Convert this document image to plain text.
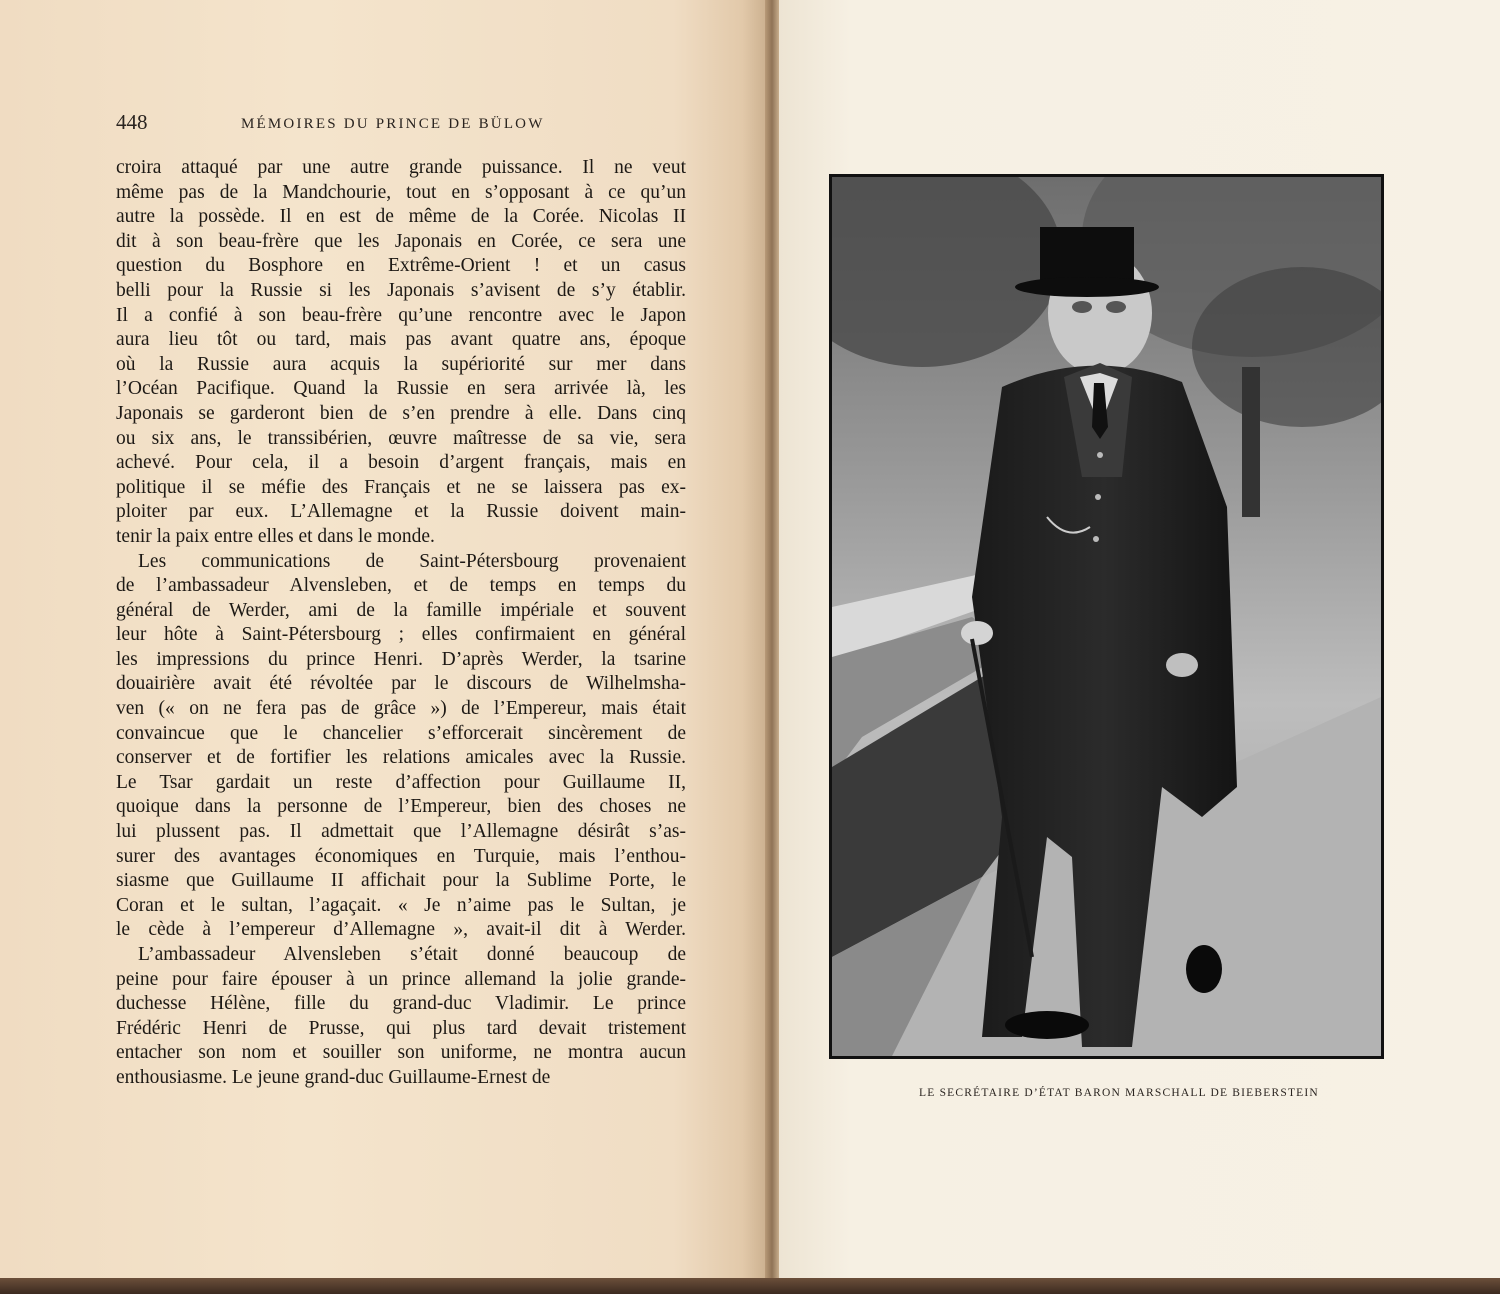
448	MÉMOIRES DU PRINCE DE BÜLOW
croira attaqué par une autre grande puissance. Il ne veut
même pas de la Mandchourie, tout en s’opposant à ce qu’un
autre la possède. Il en est de même de la Corée. Nicolas II
dit à son beau-frère que les Japonais en Corée, ce sera une
question du Bosphore en Extrême-Orient ! et un casus
belli pour la Russie si les Japonais s’avisent de s’y établir.
Il a confié à son beau-frère qu’une rencontre avec le Japon
aura lieu tôt ou tard, mais pas avant quatre ans, époque
où la Russie aura acquis la supériorité sur mer dans
l’Océan Pacifique. Quand la Russie en sera arrivée là, les
Japonais se garderont bien de s’en prendre à elle. Dans cinq
ou six ans, le transsibérien, œuvre maîtresse de sa vie, sera
achevé. Pour cela, il a besoin d’argent français, mais en
politique il se méfie des Français et ne se laissera pas ex-
ploiter par eux. L’Allemagne et la Russie doivent main-
tenir la paix entre elles et dans le monde.
Les communications de Saint-Pétersbourg provenaient
de l’ambassadeur Alvensleben, et de temps en temps du
général de Werder, ami de la famille impériale et souvent
leur hôte à Saint-Pétersbourg ; elles confirmaient en général
les impressions du prince Henri. D’après Werder, la tsarine
douairière avait été révoltée par le discours de Wilhelmsha-
ven (« on ne fera pas de grâce ») de l’Empereur, mais était
convaincue que le chancelier s’efforcerait sincèrement de
conserver et de fortifier les relations amicales avec la Russie.
Le Tsar gardait un reste d’affection pour Guillaume II,
quoique dans la personne de l’Empereur, bien des choses ne
lui plussent pas. Il admettait que l’Allemagne désirât s’as-
surer des avantages économiques en Turquie, mais l’enthou-
siasme que Guillaume II affichait pour la Sublime Porte, le
Coran et le sultan, l’agaçait. « Je n’aime pas le Sultan, je
le cède à l’empereur d’Allemagne », avait-il dit à Werder.
L’ambassadeur Alvensleben s’était donné beaucoup de
peine pour faire épouser à un prince allemand la jolie grande-
duchesse Hélène, fille du grand-duc Vladimir. Le prince
Frédéric Henri de Prusse, qui plus tard devait tristement
entacher son nom et souiller son uniforme, ne montra aucun
enthousiasme. Le jeune grand-duc Guillaume-Ernest de
LE SECRÉTAIRE D’ÉTAT BARON MARSCHALL DE BIEBERSTEIN
